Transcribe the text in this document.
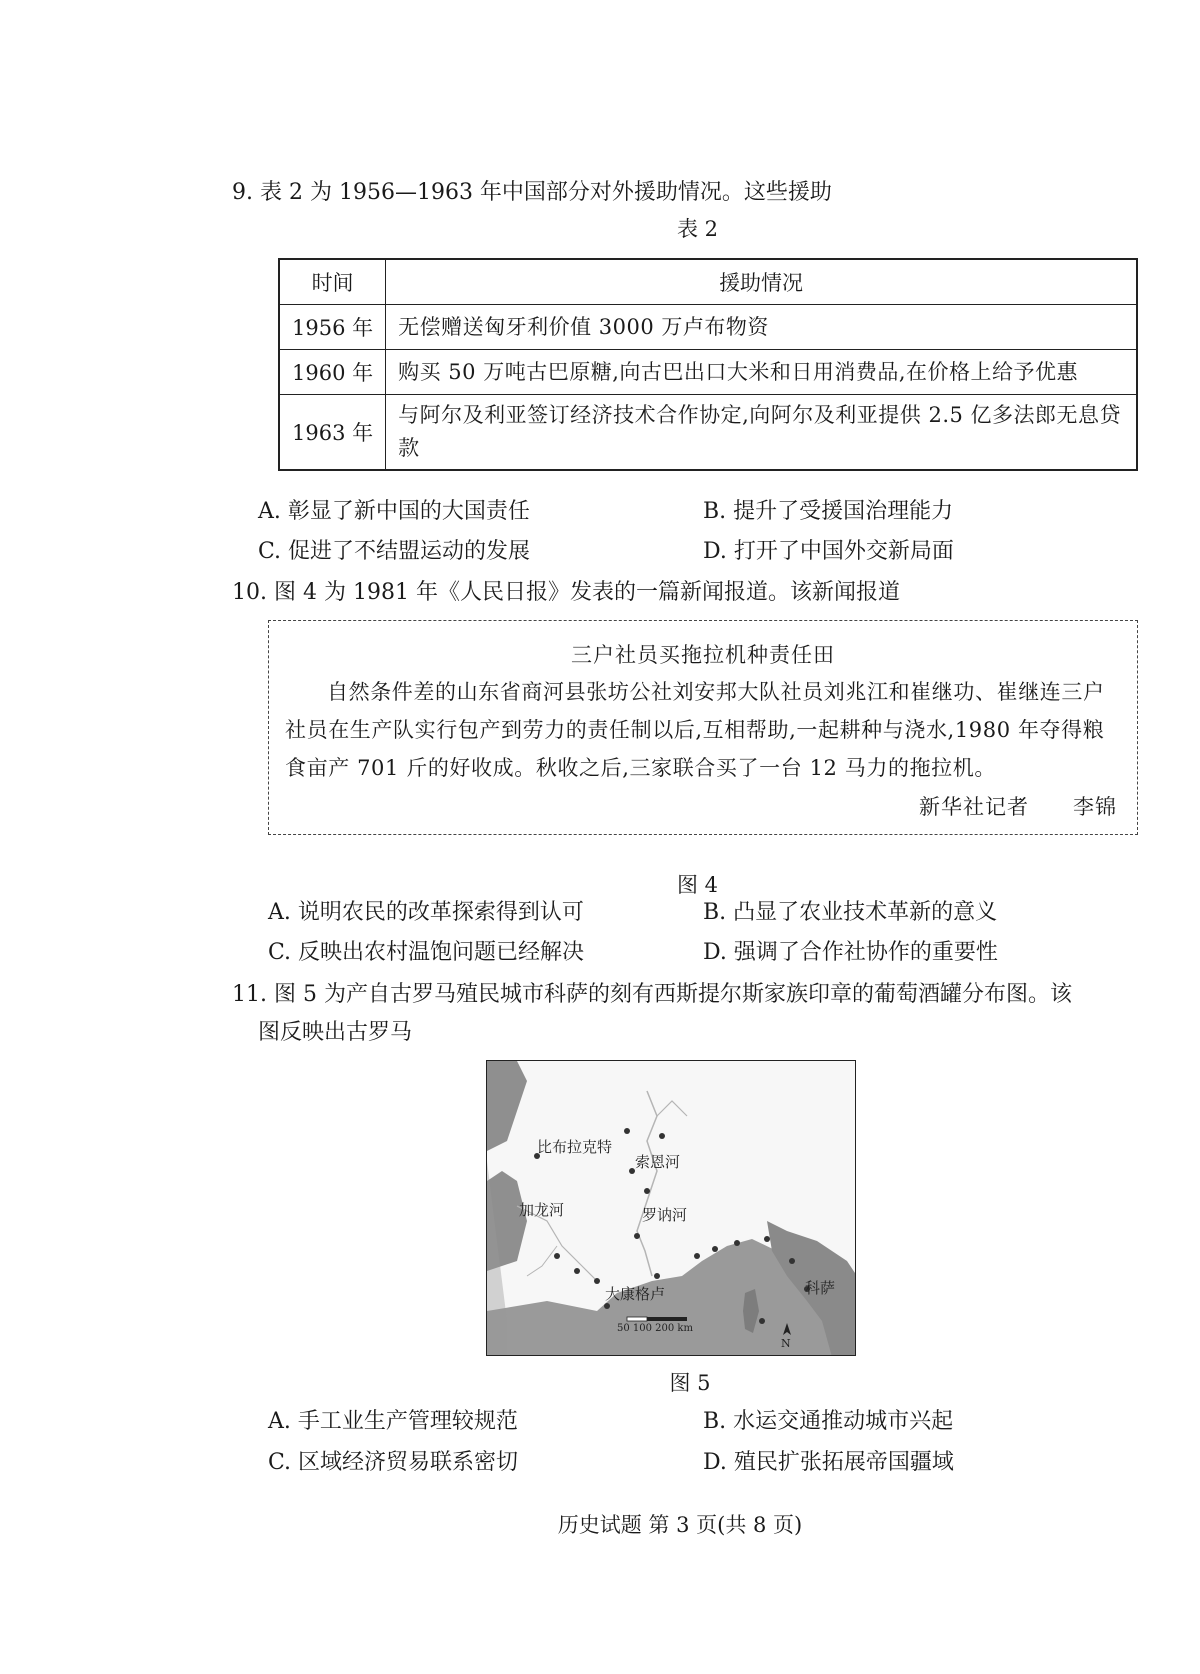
9. 表 2 为 1956—1963 年中国部分对外援助情况。这些援助
表 2
时间	援助情况
1956 年	无偿赠送匈牙利价值 3000 万卢布物资
1960 年	购买 50 万吨古巴原糖,向古巴出口大米和日用消费品,在价格上给予优惠
1963 年	与阿尔及利亚签订经济技术合作协定,向阿尔及利亚提供 2.5 亿多法郎无息贷款
A. 彰显了新中国的大国责任	B. 提升了受援国治理能力
C. 促进了不结盟运动的发展	D. 打开了中国外交新局面
10. 图 4 为 1981 年《人民日报》发表的一篇新闻报道。该新闻报道
三户社员买拖拉机种责任田
自然条件差的山东省商河县张坊公社刘安邦大队社员刘兆江和崔继功、崔继连三户社员在生产队实行包产到劳力的责任制以后,互相帮助,一起耕种与浇水,1980 年夺得粮食亩产 701 斤的好收成。秋收之后,三家联合买了一台 12 马力的拖拉机。
新华社记者　　李锦
图 4
A. 说明农民的改革探索得到认可	B. 凸显了农业技术革新的意义
C. 反映出农村温饱问题已经解决	D. 强调了合作社协作的重要性
11. 图 5 为产自古罗马殖民城市科萨的刻有西斯提尔斯家族印章的葡萄酒罐分布图。该
图反映出古罗马
比布拉克特
索恩河
加龙河	罗讷河
大康格卢	科萨
50 100 200 km
N
图 5
A. 手工业生产管理较规范	B. 水运交通推动城市兴起
C. 区域经济贸易联系密切	D. 殖民扩张拓展帝国疆域
历史试题 第 3 页(共 8 页)
